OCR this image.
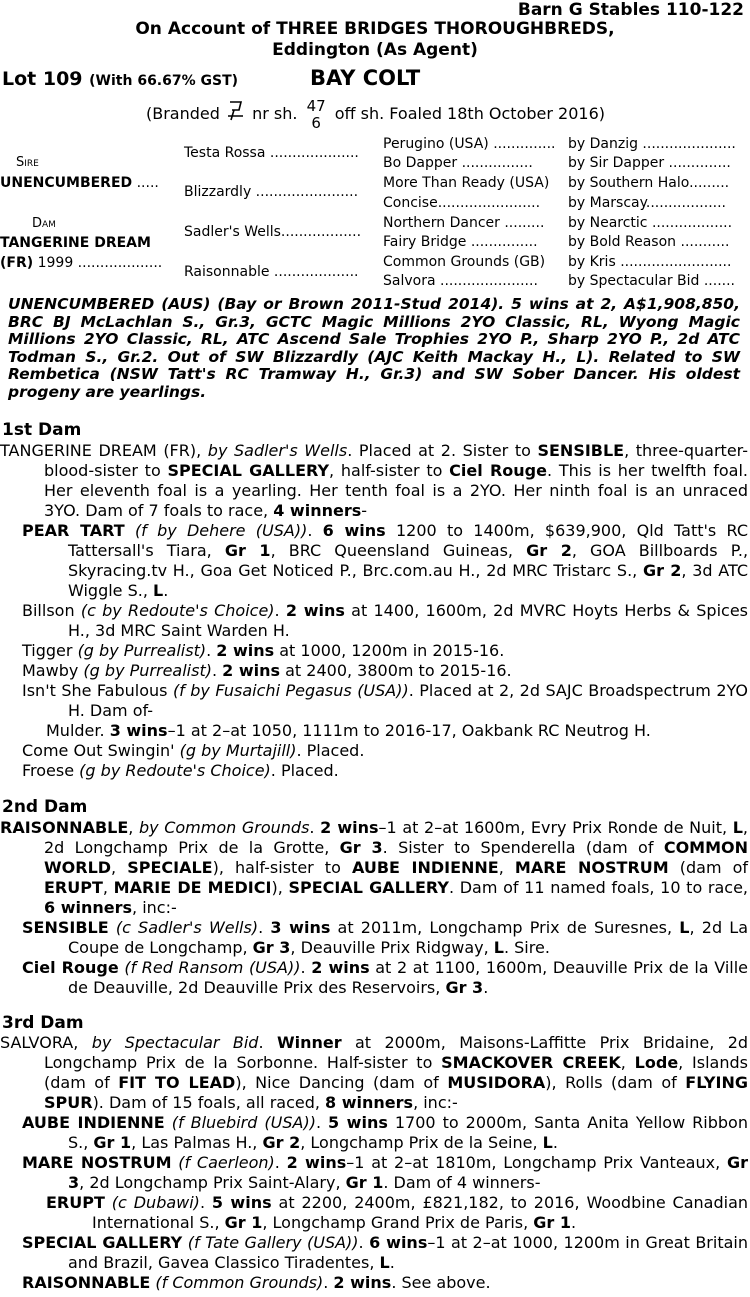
Barn G Stables 110-122
On Account of THREE BRIDGES THOROUGHBREDS,
Eddington (As Agent)
Lot 109 (With 66.67% GST)	BAY COLT
(Branded nr sh. 47
6 off sh. Foaled 18th October 2016)
Sire
UNENCUMBERED .....
Dam
TANGERINE DREAM
(FR) 1999 ...................
Testa Rossa ....................
Blizzardly .......................
Sadler's Wells..................
Raisonnable ...................
Perugino (USA) ..............
Bo Dapper ................
More Than Ready (USA)
Concise.......................
Northern Dancer .........
Fairy Bridge ...............
Common Grounds (GB)
Salvora ......................
by Danzig .....................
by Sir Dapper ..............
by Southern Halo.........
by Marscay..................
by Nearctic ..................
by Bold Reason ...........
by Kris .........................
by Spectacular Bid .......
UNENCUMBERED (AUS) (Bay or Brown 2011-Stud 2014). 5 wins at 2, A$1,908,850, BRC BJ McLachlan S., Gr.3, GCTC Magic Millions 2YO Classic, RL, Wyong Magic Millions 2YO Classic, RL, ATC Ascend Sale Trophies 2YO P., Sharp 2YO P., 2d ATC Todman S., Gr.2. Out of SW Blizzardly (AJC Keith Mackay H., L). Related to SW Rembetica (NSW Tatt's RC Tramway H., Gr.3) and SW Sober Dancer. His oldest progeny are yearlings.
1st Dam
TANGERINE DREAM (FR), by Sadler's Wells. Placed at 2. Sister to SENSIBLE, three-quarter-blood-sister to SPECIAL GALLERY, half-sister to Ciel Rouge. This is her twelfth foal. Her eleventh foal is a yearling. Her tenth foal is a 2YO. Her ninth foal is an unraced 3YO. Dam of 7 foals to race, 4 winners-
PEAR TART (f by Dehere (USA)). 6 wins 1200 to 1400m, $639,900, Qld Tatt's RC Tattersall's Tiara, Gr 1, BRC Queensland Guineas, Gr 2, GOA Billboards P., Skyracing.tv H., Goa Get Noticed P., Brc.com.au H., 2d MRC Tristarc S., Gr 2, 3d ATC Wiggle S., L.
Billson (c by Redoute's Choice). 2 wins at 1400, 1600m, 2d MVRC Hoyts Herbs & Spices H., 3d MRC Saint Warden H.
Tigger (g by Purrealist). 2 wins at 1000, 1200m in 2015-16.
Mawby (g by Purrealist). 2 wins at 2400, 3800m to 2015-16.
Isn't She Fabulous (f by Fusaichi Pegasus (USA)). Placed at 2, 2d SAJC Broadspectrum 2YO H. Dam of-
Mulder. 3 wins–1 at 2–at 1050, 1111m to 2016-17, Oakbank RC Neutrog H.
Come Out Swingin' (g by Murtajill). Placed.
Froese (g by Redoute's Choice). Placed.
2nd Dam
RAISONNABLE, by Common Grounds. 2 wins–1 at 2–at 1600m, Evry Prix Ronde de Nuit, L, 2d Longchamp Prix de la Grotte, Gr 3. Sister to Spenderella (dam of COMMON WORLD, SPECIALE), half-sister to AUBE INDIENNE, MARE NOSTRUM (dam of ERUPT, MARIE DE MEDICI), SPECIAL GALLERY. Dam of 11 named foals, 10 to race, 6 winners, inc:-
SENSIBLE (c Sadler's Wells). 3 wins at 2011m, Longchamp Prix de Suresnes, L, 2d La Coupe de Longchamp, Gr 3, Deauville Prix Ridgway, L. Sire.
Ciel Rouge (f Red Ransom (USA)). 2 wins at 2 at 1100, 1600m, Deauville Prix de la Ville de Deauville, 2d Deauville Prix des Reservoirs, Gr 3.
3rd Dam
SALVORA, by Spectacular Bid. Winner at 2000m, Maisons-Laffitte Prix Bridaine, 2d Longchamp Prix de la Sorbonne. Half-sister to SMACKOVER CREEK, Lode, Islands (dam of FIT TO LEAD), Nice Dancing (dam of MUSIDORA), Rolls (dam of FLYING SPUR). Dam of 15 foals, all raced, 8 winners, inc:-
AUBE INDIENNE (f Bluebird (USA)). 5 wins 1700 to 2000m, Santa Anita Yellow Ribbon S., Gr 1, Las Palmas H., Gr 2, Longchamp Prix de la Seine, L.
MARE NOSTRUM (f Caerleon). 2 wins–1 at 2–at 1810m, Longchamp Prix Vanteaux, Gr 3, 2d Longchamp Prix Saint-Alary, Gr 1. Dam of 4 winners-
ERUPT (c Dubawi). 5 wins at 2200, 2400m, £821,182, to 2016, Woodbine Canadian International S., Gr 1, Longchamp Grand Prix de Paris, Gr 1.
SPECIAL GALLERY (f Tate Gallery (USA)). 6 wins–1 at 2–at 1000, 1200m in Great Britain and Brazil, Gavea Classico Tiradentes, L.
RAISONNABLE (f Common Grounds). 2 wins. See above.
